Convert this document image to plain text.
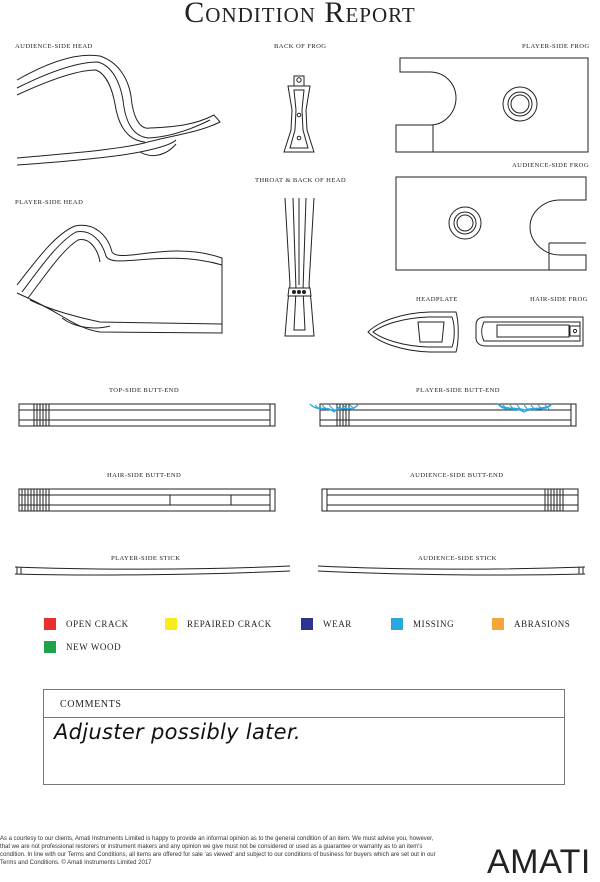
Condition Report
AUDIENCE-SIDE HEAD	BACK OF FROG	PLAYER-SIDE FROG
AUDIENCE-SIDE FROG
THROAT & BACK OF HEAD
PLAYER-SIDE HEAD
HEADPLATE	HAIR-SIDE FROG
TOP-SIDE BUTT-END	PLAYER-SIDE BUTT-END
HAIR-SIDE BUTT-END	AUDIENCE-SIDE BUTT-END
PLAYER-SIDE STICK	AUDIENCE-SIDE STICK
OPEN CRACK	REPAIRED CRACK	WEAR	MISSING	ABRASIONS
NEW WOOD
COMMENTS
Adjuster possibly later.
As a courtesy to our clients, Amati Instruments Limited is happy to provide an informal opinion as to the general condition of an item. We must advise you, however, that we are not professional restorers or instrument makers and any opinion we give must not be considered or used as a guarantee or warranty as to an item's condition. In line with our Terms and Conditions, all items are offered for sale 'as viewed' and subject to our conditions of business for buyers which are set out in our Terms and Conditions. © Amati Instruments Limited 2017	AMATI
